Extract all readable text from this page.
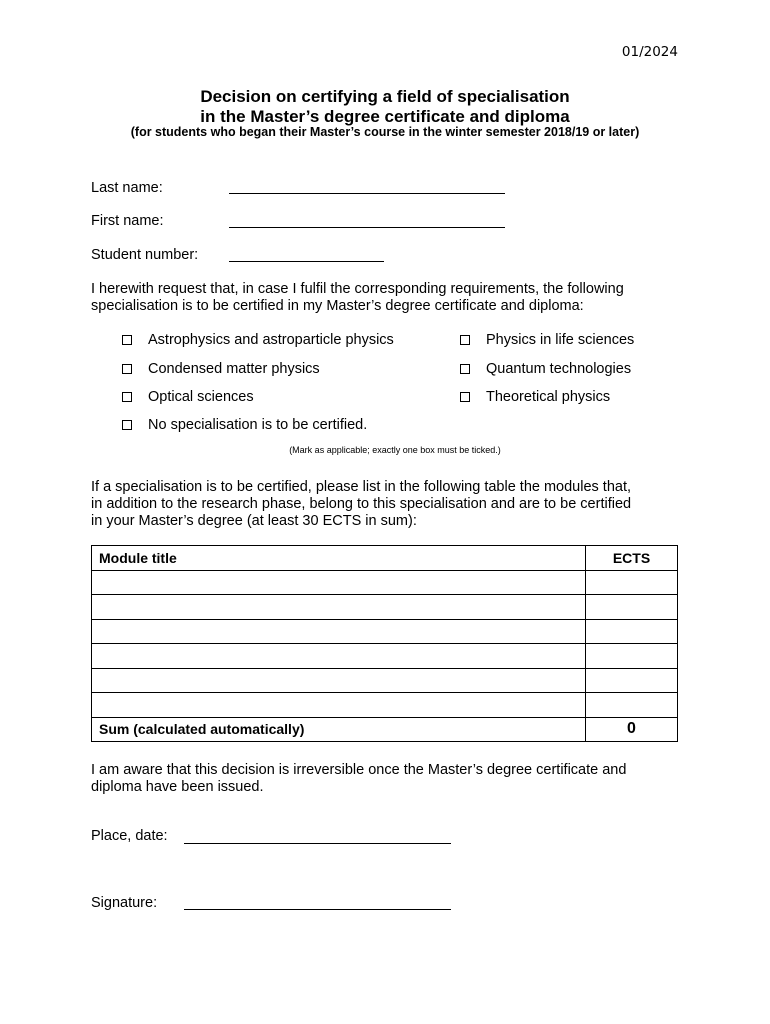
01/2024
Decision on certifying a field of specialisation
in the Master’s degree certificate and diploma
(for students who began their Master’s course in the winter semester 2018/19 or later)
Last name:
First name:
Student number:
I herewith request that, in case I fulfil the corresponding requirements, the following
specialisation is to be certified in my Master’s degree certificate and diploma:
Astrophysics and astroparticle physics	Physics in life sciences
Condensed matter physics	Quantum technologies
Optical sciences	Theoretical physics
No specialisation is to be certified.
(Mark as applicable; exactly one box must be ticked.)
If a specialisation is to be certified, please list in the following table the modules that,
in addition to the research phase, belong to this specialisation and are to be certified
in your Master’s degree (at least 30 ECTS in sum):
Module title	ECTS

Sum (calculated automatically)	0
I am aware that this decision is irreversible once the Master’s degree certificate and
diploma have been issued.
Place, date:
Signature:
